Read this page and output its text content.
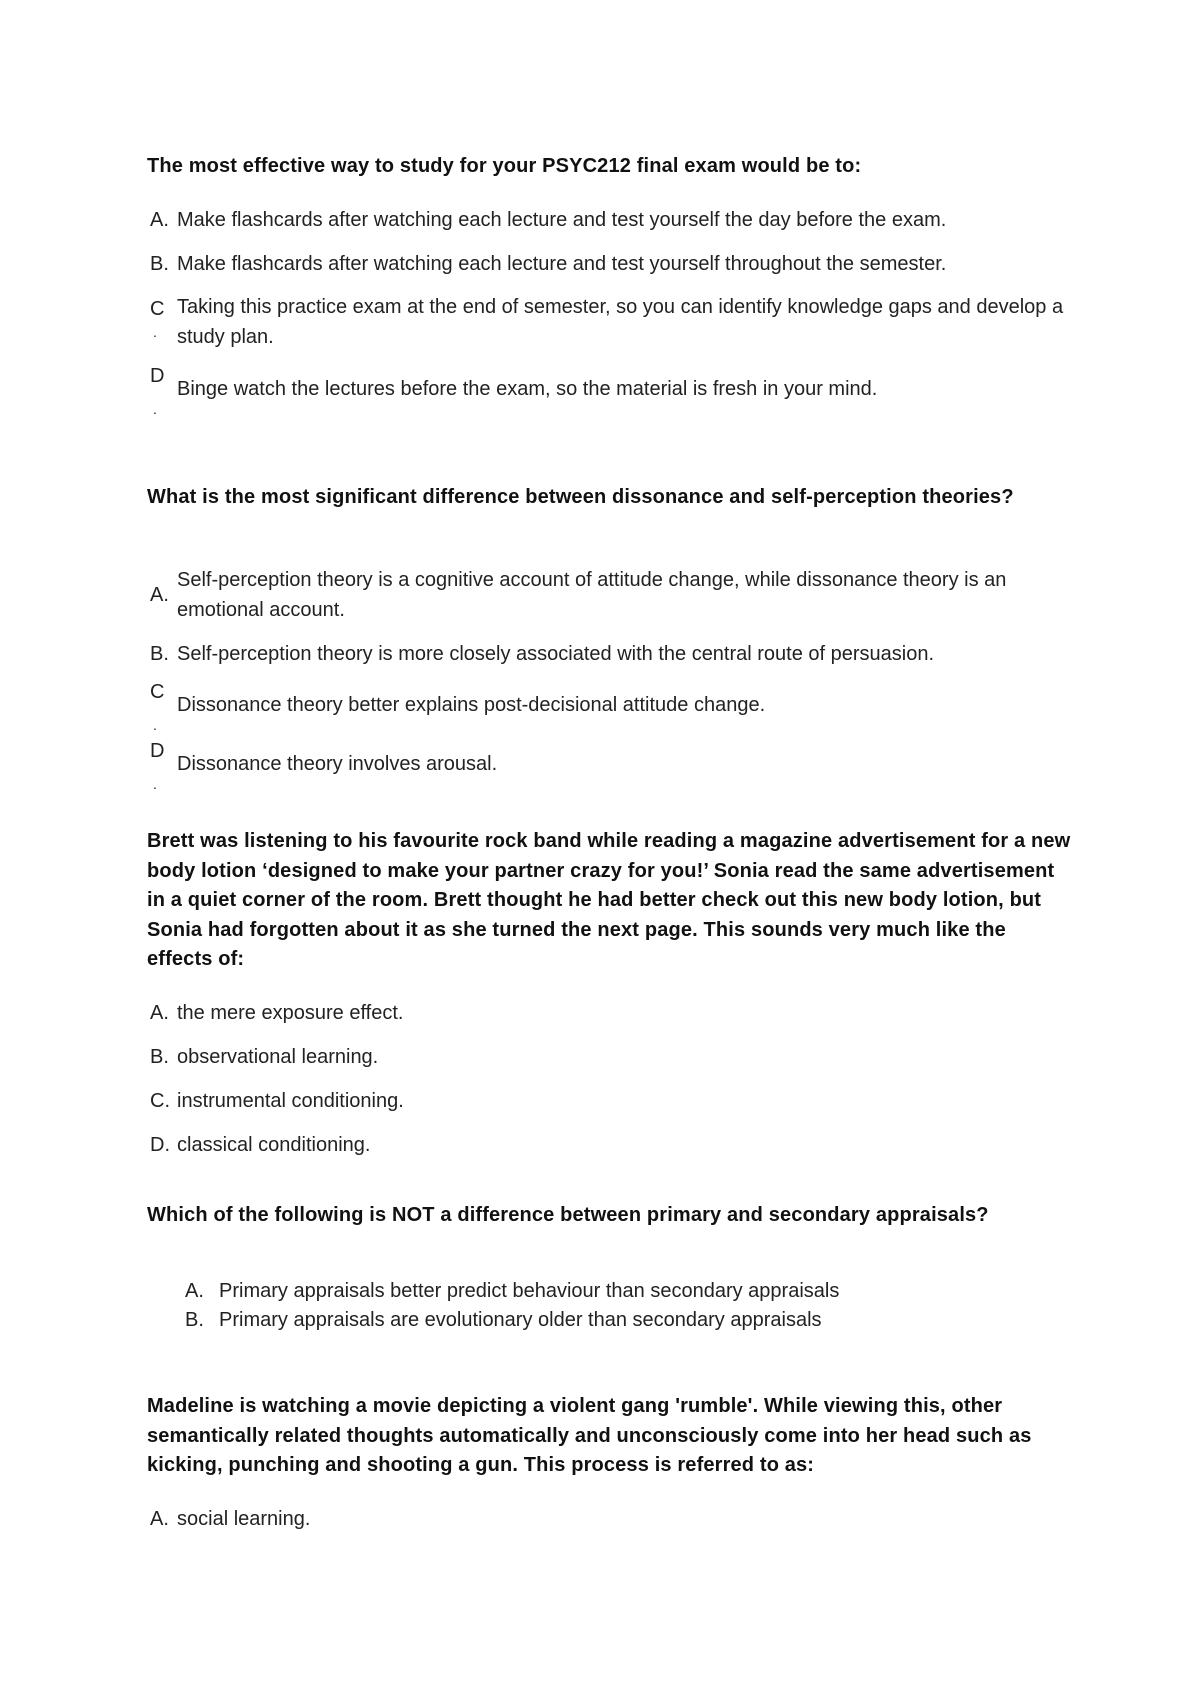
The most effective way to study for your PSYC212 final exam would be to:

A. Make flashcards after watching each lecture and test yourself the day before the exam.
B. Make flashcards after watching each lecture and test yourself throughout the semester.
C
.
Taking this practice exam at the end of semester, so you can identify knowledge gaps and develop a study plan.
D
.
Binge watch the lectures before the exam, so the material is fresh in your mind.

What is the most significant difference between dissonance and self-perception theories?

A.
Self-perception theory is a cognitive account of attitude change, while dissonance theory is an emotional account.
B. Self-perception theory is more closely associated with the central route of persuasion.
C
.
Dissonance theory better explains post-decisional attitude change.
D
.
Dissonance theory involves arousal.

Brett was listening to his favourite rock band while reading a magazine advertisement for a new body lotion ‘designed to make your partner crazy for you!’ Sonia read the same advertisement in a quiet corner of the room. Brett thought he had better check out this new body lotion, but Sonia had forgotten about it as she turned the next page. This sounds very much like the effects of:

A. the mere exposure effect.
B. observational learning.
C. instrumental conditioning.
D. classical conditioning.

Which of the following is NOT a difference between primary and secondary appraisals?

A. Primary appraisals better predict behaviour than secondary appraisals
B. Primary appraisals are evolutionary older than secondary appraisals

Madeline is watching a movie depicting a violent gang 'rumble'. While viewing this, other semantically related thoughts automatically and unconsciously come into her head such as kicking, punching and shooting a gun. This process is referred to as:

A. social learning.
